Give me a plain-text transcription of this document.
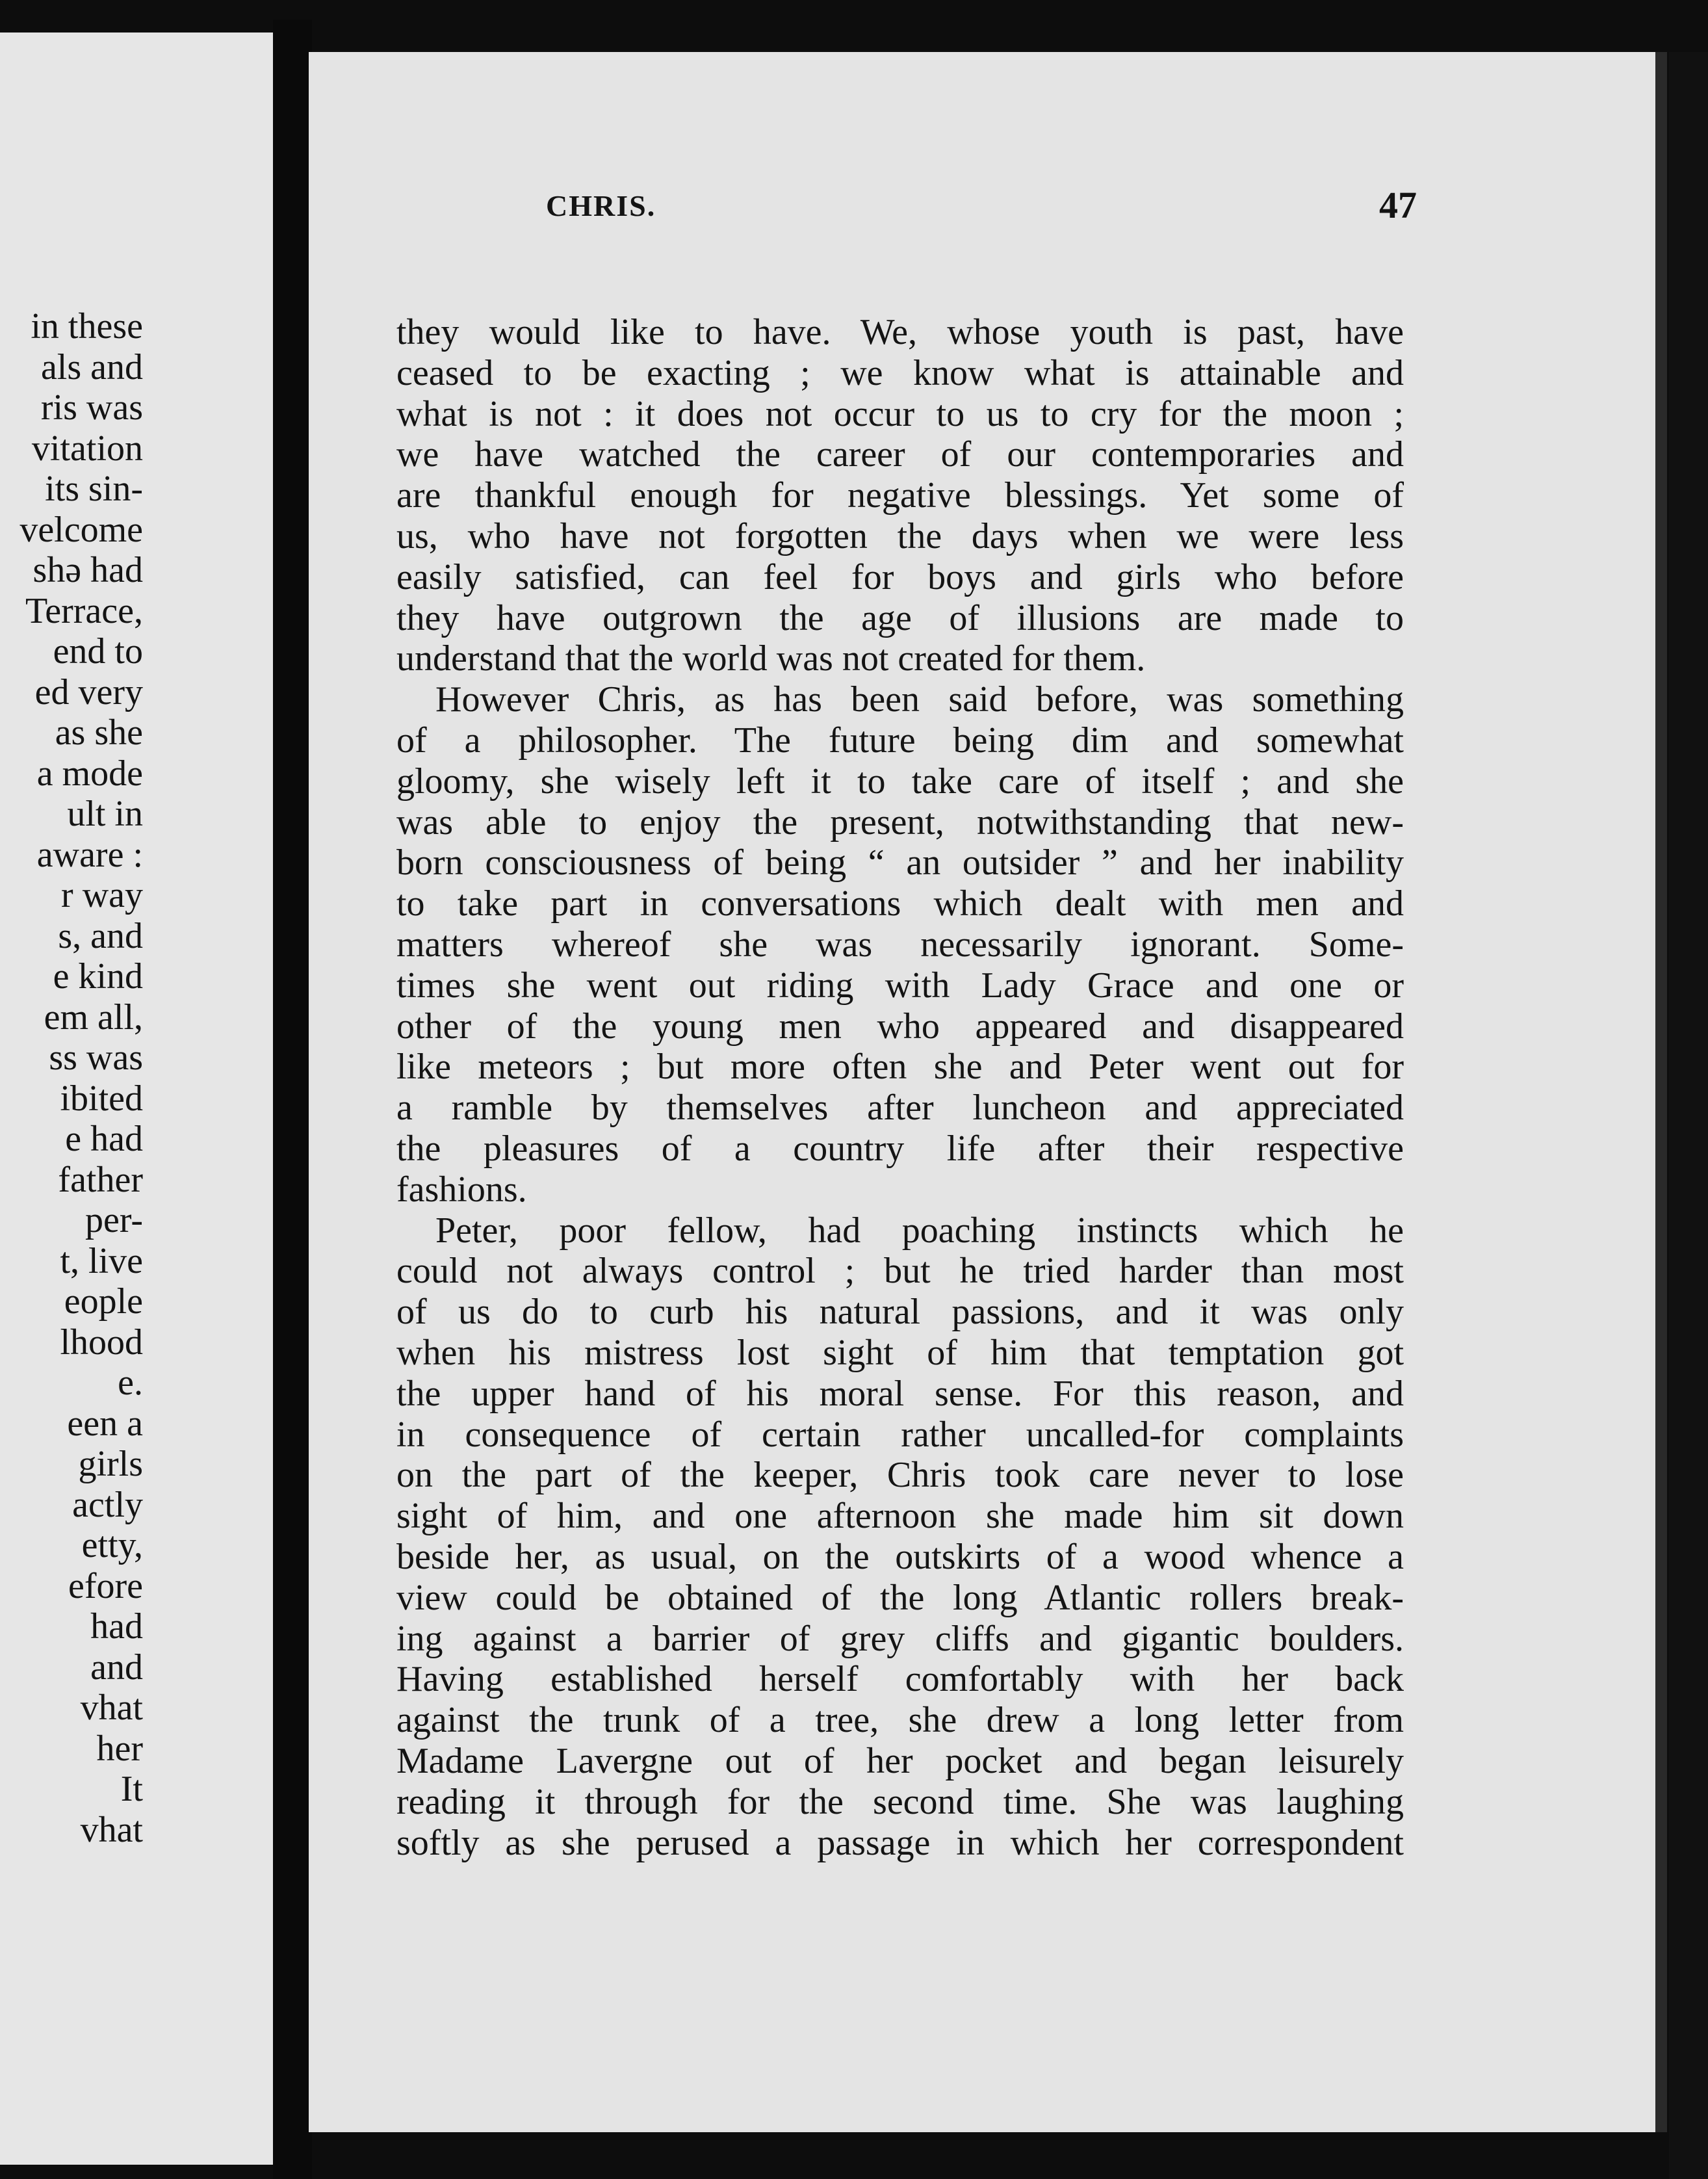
in these
als and
ris was
vitation
its sin-
velcome
shə had
Terrace,
end to
ed very
as she
a mode
ult in
aware :
r way
s, and
e kind
em all,
ss was
ibited
e had
father
per-
t, live
eople
lhood
e.
een a
girls
actly
etty,
efore
had
and
vhat
her
It
vhat
CHRIS.	47
they would like to have. We, whose youth is past, have
ceased to be exacting ; we know what is attainable and
what is not : it does not occur to us to cry for the moon ;
we have watched the career of our contemporaries and
are thankful enough for negative blessings. Yet some of
us, who have not forgotten the days when we were less
easily satisfied, can feel for boys and girls who before
they have outgrown the age of illusions are made to
understand that the world was not created for them.
However Chris, as has been said before, was something
of a philosopher. The future being dim and somewhat
gloomy, she wisely left it to take care of itself ; and she
was able to enjoy the present, notwithstanding that new-
born consciousness of being “ an outsider ” and her inability
to take part in conversations which dealt with men and
matters whereof she was necessarily ignorant. Some-
times she went out riding with Lady Grace and one or
other of the young men who appeared and disappeared
like meteors ; but more often she and Peter went out for
a ramble by themselves after luncheon and appreciated
the pleasures of a country life after their respective
fashions.
Peter, poor fellow, had poaching instincts which he
could not always control ; but he tried harder than most
of us do to curb his natural passions, and it was only
when his mistress lost sight of him that temptation got
the upper hand of his moral sense. For this reason, and
in consequence of certain rather uncalled-for complaints
on the part of the keeper, Chris took care never to lose
sight of him, and one afternoon she made him sit down
beside her, as usual, on the outskirts of a wood whence a
view could be obtained of the long Atlantic rollers break-
ing against a barrier of grey cliffs and gigantic boulders.
Having established herself comfortably with her back
against the trunk of a tree, she drew a long letter from
Madame Lavergne out of her pocket and began leisurely
reading it through for the second time. She was laughing
softly as she perused a passage in which her correspondent
